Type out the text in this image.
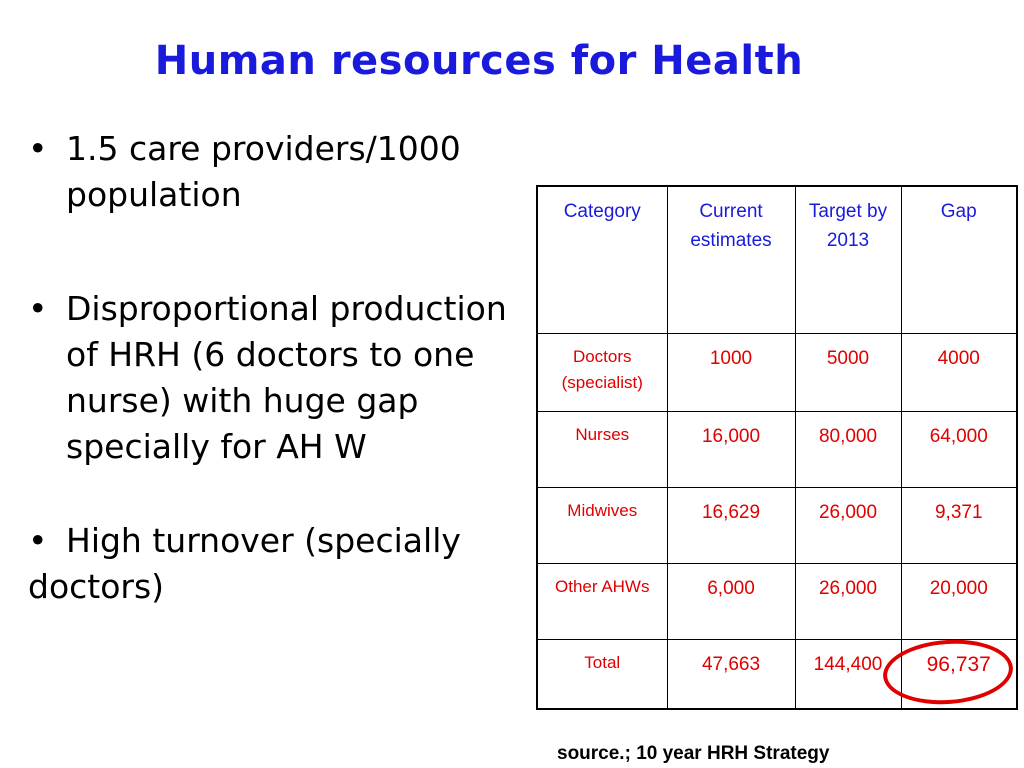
Human resources for Health
• 1.5 care providers/1000 population
• Disproportional production of HRH (6 doctors to one nurse) with huge gap specially for AH W
• High turnover (specially
doctors)
Category	Current estimates	Target by 2013	Gap
Doctors (specialist)	1000	5000	4000
Nurses	16,000	80,000	64,000
Midwives	16,629	26,000	9,371
Other AHWs	6,000	26,000	20,000
Total	47,663	144,400	96,737
source.; 10 year HRH Strategy
